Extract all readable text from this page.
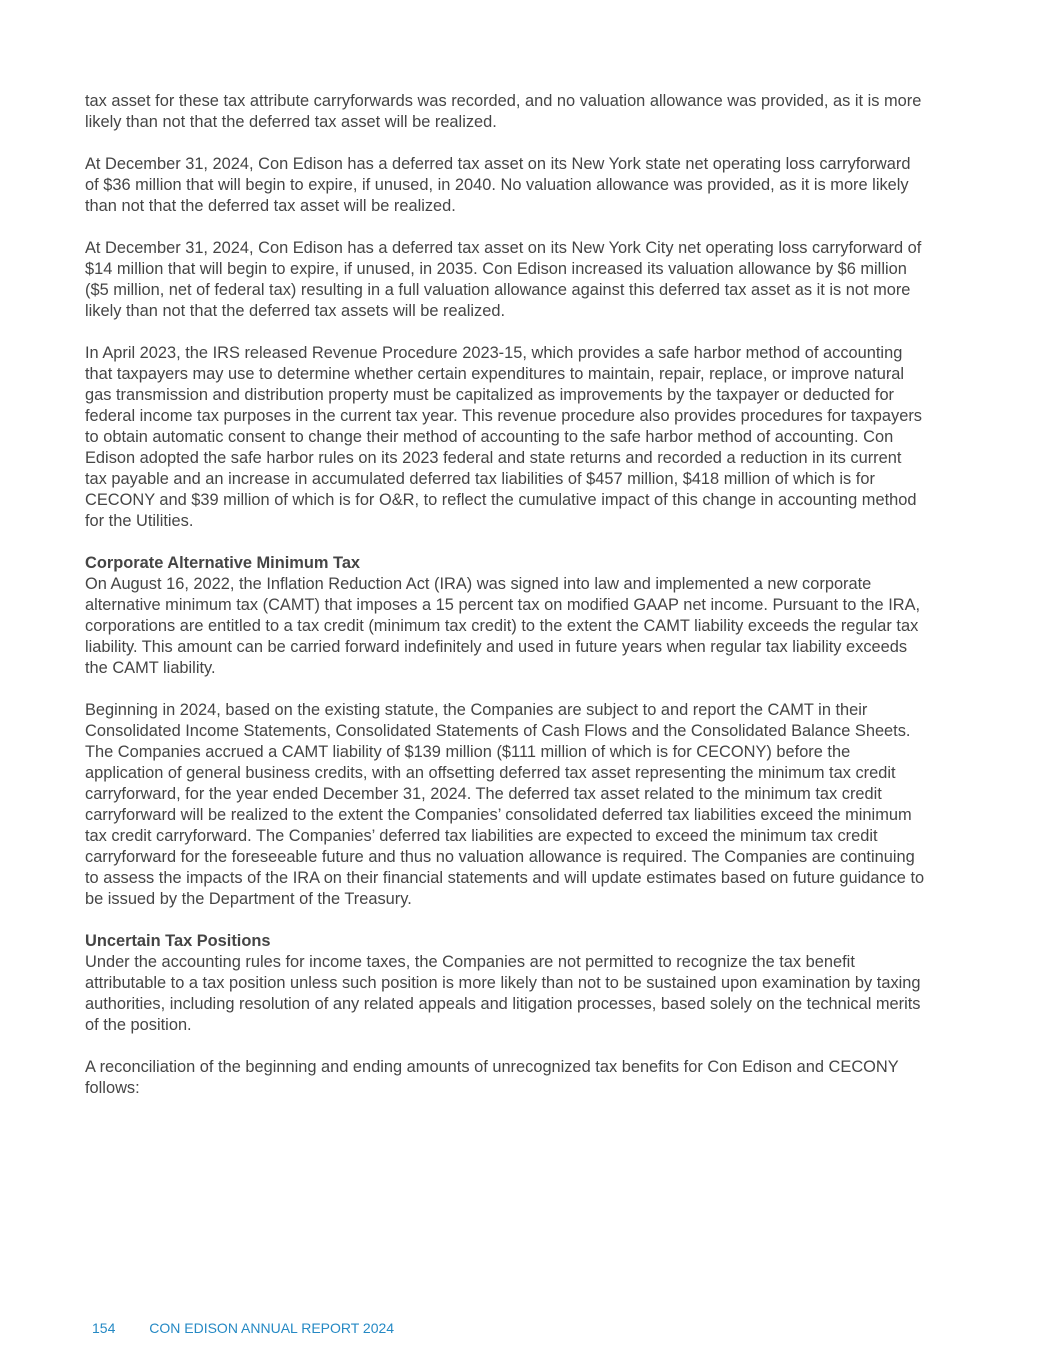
tax asset for these tax attribute carryforwards was recorded, and no valuation allowance was provided, as it is more
likely than not that the deferred tax asset will be realized.
At December 31, 2024, Con Edison has a deferred tax asset on its New York state net operating loss carryforward
of $36 million that will begin to expire, if unused, in 2040. No valuation allowance was provided, as it is more likely
than not that the deferred tax asset will be realized.
At December 31, 2024, Con Edison has a deferred tax asset on its New York City net operating loss carryforward of
$14 million that will begin to expire, if unused, in 2035. Con Edison increased its valuation allowance by $6 million
($5 million, net of federal tax) resulting in a full valuation allowance against this deferred tax asset as it is not more
likely than not that the deferred tax assets will be realized.
In April 2023, the IRS released Revenue Procedure 2023-15, which provides a safe harbor method of accounting
that taxpayers may use to determine whether certain expenditures to maintain, repair, replace, or improve natural
gas transmission and distribution property must be capitalized as improvements by the taxpayer or deducted for
federal income tax purposes in the current tax year. This revenue procedure also provides procedures for taxpayers
to obtain automatic consent to change their method of accounting to the safe harbor method of accounting. Con
Edison adopted the safe harbor rules on its 2023 federal and state returns and recorded a reduction in its current
tax payable and an increase in accumulated deferred tax liabilities of $457 million, $418 million of which is for
CECONY and $39 million of which is for O&R, to reflect the cumulative impact of this change in accounting method
for the Utilities.
Corporate Alternative Minimum Tax
On August 16, 2022, the Inflation Reduction Act (IRA) was signed into law and implemented a new corporate
alternative minimum tax (CAMT) that imposes a 15 percent tax on modified GAAP net income. Pursuant to the IRA,
corporations are entitled to a tax credit (minimum tax credit) to the extent the CAMT liability exceeds the regular tax
liability. This amount can be carried forward indefinitely and used in future years when regular tax liability exceeds
the CAMT liability.
Beginning in 2024, based on the existing statute, the Companies are subject to and report the CAMT in their
Consolidated Income Statements, Consolidated Statements of Cash Flows and the Consolidated Balance Sheets.
The Companies accrued a CAMT liability of $139 million ($111 million of which is for CECONY) before the
application of general business credits, with an offsetting deferred tax asset representing the minimum tax credit
carryforward, for the year ended December 31, 2024. The deferred tax asset related to the minimum tax credit
carryforward will be realized to the extent the Companies’ consolidated deferred tax liabilities exceed the minimum
tax credit carryforward. The Companies’ deferred tax liabilities are expected to exceed the minimum tax credit
carryforward for the foreseeable future and thus no valuation allowance is required. The Companies are continuing
to assess the impacts of the IRA on their financial statements and will update estimates based on future guidance to
be issued by the Department of the Treasury.
Uncertain Tax Positions
Under the accounting rules for income taxes, the Companies are not permitted to recognize the tax benefit
attributable to a tax position unless such position is more likely than not to be sustained upon examination by taxing
authorities, including resolution of any related appeals and litigation processes, based solely on the technical merits
of the position.
A reconciliation of the beginning and ending amounts of unrecognized tax benefits for Con Edison and CECONY
follows:
154 CON EDISON ANNUAL REPORT 2024
